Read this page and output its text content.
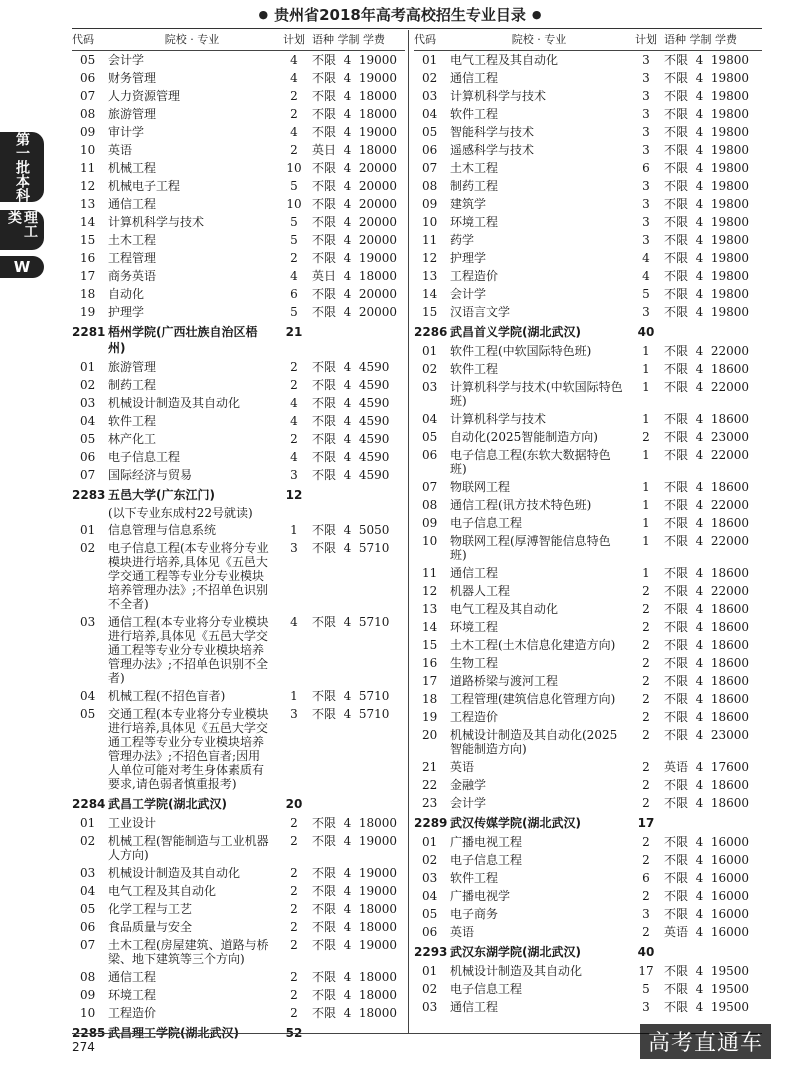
● 贵州省2018年高考高校招生专业目录 ●
第一批本科
理工类
W
代码	院校 · 专业	计划 语种 学制 学费
05	会计学	4	不限  4  19000
06	财务管理	4	不限  4  19000
07	人力资源管理	2	不限  4  18000
08	旅游管理	2	不限  4  18000
09	审计学	4	不限  4  19000
10	英语	2	英日  4  18000
11	机械工程	10 不限  4  20000
12	机械电子工程	5	不限  4  20000
13	通信工程	10 不限  4  20000
14	计算机科学与技术	5	不限  4  20000
15	土木工程	5	不限  4  20000
16	工程管理	2	不限  4  19000
17	商务英语	4	英日  4  18000
18	自动化	6	不限  4  20000
19	护理学	5	不限  4  20000
2281 梧州学院(广西壮族自治区梧州)
21
01	旅游管理	2	不限  4  4590
02	制药工程	2	不限  4  4590
03	机械设计制造及其自动化	4	不限  4  4590
04	软件工程	4	不限  4  4590
05	林产化工	2	不限  4  4590
06	电子信息工程	4	不限  4  4590
07	国际经济与贸易	3	不限  4  4590
2283 五邑大学(广东江门)	12
(以下专业东成村22号就读)
01	信息管理与信息系统	1	不限  4  5050
02	电子信息工程(本专业将分专业模块进行培养,具体见《五邑大学交通工程等专业分专业模块培养管理办法》;不招单色识别不全者)
3	不限  4  5710
03	通信工程(本专业将分专业模块进行培养,具体见《五邑大学交通工程等专业分专业模块培养管理办法》;不招单色识别不全者)
4	不限  4  5710
04	机械工程(不招色盲者)	1	不限  4  5710
05	交通工程(本专业将分专业模块进行培养,具体见《五邑大学交通工程等专业分专业模块培养管理办法》;不招色盲者;因用人单位可能对考生身体素质有要求,请色弱者慎重报考)
3	不限  4  5710
2284 武昌工学院(湖北武汉)	20
01	工业设计	2	不限  4  18000
02	机械工程(智能制造与工业机器人方向)
2	不限  4  19000
03	机械设计制造及其自动化	2	不限  4  19000
04	电气工程及其自动化	2	不限  4  19000
05	化学工程与工艺	2	不限  4  18000
06	食品质量与安全	2	不限  4  18000
07	土木工程(房屋建筑、道路与桥梁、地下建筑等三个方向)
2	不限  4  19000
08	通信工程	2	不限  4  18000
09	环境工程	2	不限  4  18000
10	工程造价	2	不限  4  18000
2285 武昌理工学院(湖北武汉)	52
代码	院校 · 专业	计划 语种 学制 学费
01	电气工程及其自动化	3	不限  4  19800
02	通信工程	3	不限  4  19800
03	计算机科学与技术	3	不限  4  19800
04	软件工程	3	不限  4  19800
05	智能科学与技术	3	不限  4  19800
06	遥感科学与技术	3	不限  4  19800
07	土木工程	6	不限  4  19800
08	制药工程	3	不限  4  19800
09	建筑学	3	不限  4  19800
10	环境工程	3	不限  4  19800
11	药学	3	不限  4  19800
12	护理学	4	不限  4  19800
13	工程造价	4	不限  4  19800
14	会计学	5	不限  4  19800
15	汉语言文学	3	不限  4  19800
2286 武昌首义学院(湖北武汉)	40
01	软件工程(中软国际特色班)	1	不限  4  22000
02	软件工程	1	不限  4  18600
03	计算机科学与技术(中软国际特色班)
1	不限  4  22000
04	计算机科学与技术	1	不限  4  18600
05	自动化(2025智能制造方向)	2	不限  4  23000
06	电子信息工程(东软大数据特色班)
1	不限  4  22000
07	物联网工程	1	不限  4  18600
08	通信工程(讯方技术特色班)	1	不限  4  22000
09	电子信息工程	1	不限  4  18600
10	物联网工程(厚溥智能信息特色班)
1	不限  4  22000
11	通信工程	1	不限  4  18600
12	机器人工程	2	不限  4  22000
13	电气工程及其自动化	2	不限  4  18600
14	环境工程	2	不限  4  18600
15	土木工程(土木信息化建造方向)	2	不限  4  18600
16	生物工程	2	不限  4  18600
17	道路桥梁与渡河工程	2	不限  4  18600
18	工程管理(建筑信息化管理方向)	2	不限  4  18600
19	工程造价	2	不限  4  18600
20	机械设计制造及其自动化(2025智能制造方向)
2	不限  4  23000
21	英语	2	英语  4  17600
22	金融学	2	不限  4  18600
23	会计学	2	不限  4  18600
2289 武汉传媒学院(湖北武汉)	17
01	广播电视工程	2	不限  4  16000
02	电子信息工程	2	不限  4  16000
03	软件工程	6	不限  4  16000
04	广播电视学	2	不限  4  16000
05	电子商务	3	不限  4  16000
06	英语	2	英语  4  16000
2293 武汉东湖学院(湖北武汉)	40
01	机械设计制造及其自动化	17 不限  4  19500
02	电子信息工程	5	不限  4  19500
03	通信工程	3	不限  4  19500
274	高考直通车
